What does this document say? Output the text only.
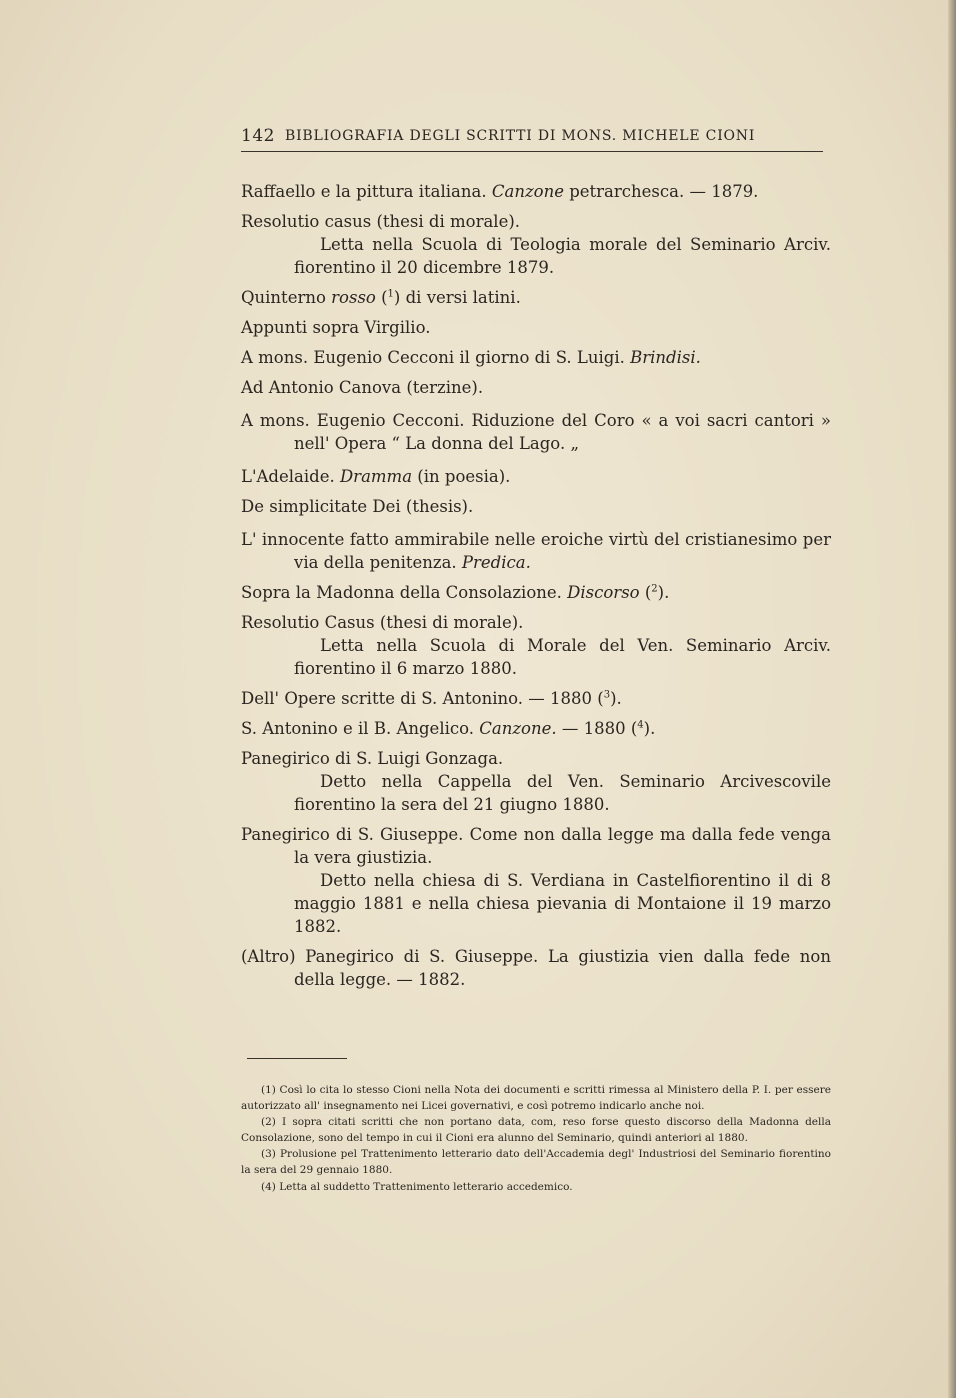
142 BIBLIOGRAFIA DEGLI SCRITTI DI MONS. MICHELE CIONI

Raffaello e la pittura italiana. Canzone petrarchesca. — 1879.

Resolutio casus (thesi di morale).

Letta nella Scuola di Teologia morale del Seminario Arciv. fiorentino il 20 dicembre 1879.

Quinterno rosso ($^1$) di versi latini.

Appunti sopra Virgilio.

A mons. Eugenio Cecconi il giorno di S. Luigi. Brindisi.

Ad Antonio Canova (terzine).

A mons. Eugenio Cecconi. Riduzione del Coro « a voi sacri cantori » nell' Opera “ La donna del Lago. „

L'Adelaide. Dramma (in poesia).

De simplicitate Dei (thesis).

L' innocente fatto ammirabile nelle eroiche virtù del cristianesimo per via della penitenza. Predica.

Sopra la Madonna della Consolazione. Discorso ($^2$).

Resolutio Casus (thesi di morale).

Letta nella Scuola di Morale del Ven. Seminario Arciv. fiorentino il 6 marzo 1880.

Dell' Opere scritte di S. Antonino. — 1880 ($^3$).

S. Antonino e il B. Angelico. Canzone. — 1880 ($^4$).

Panegirico di S. Luigi Gonzaga.

Detto nella Cappella del Ven. Seminario Arcivescovile fiorentino la sera del 21 giugno 1880.

Panegirico di S. Giuseppe. Come non dalla legge ma dalla fede venga la vera giustizia.

Detto nella chiesa di S. Verdiana in Castelfiorentino il di 8 maggio 1881 e nella chiesa pievania di Montaione il 19 marzo 1882.

(Altro) Panegirico di S. Giuseppe. La giustizia vien dalla fede non della legge. — 1882.

(1) Così lo cita lo stesso Cioni nella Nota dei documenti e scritti rimessa al Ministero della P. I. per essere autorizzato all' insegnamento nei Licei governativi, e così potremo indicarlo anche noi.

(2) I sopra citati scritti che non portano data, com, reso forse questo discorso della Madonna della Consolazione, sono del tempo in cui il Cioni era alunno del Seminario, quindi anteriori al 1880.

(3) Prolusione pel Trattenimento letterario dato dell'Accademia degl' Industriosi del Seminario fiorentino la sera del 29 gennaio 1880.

(4) Letta al suddetto Trattenimento letterario accedemico.
